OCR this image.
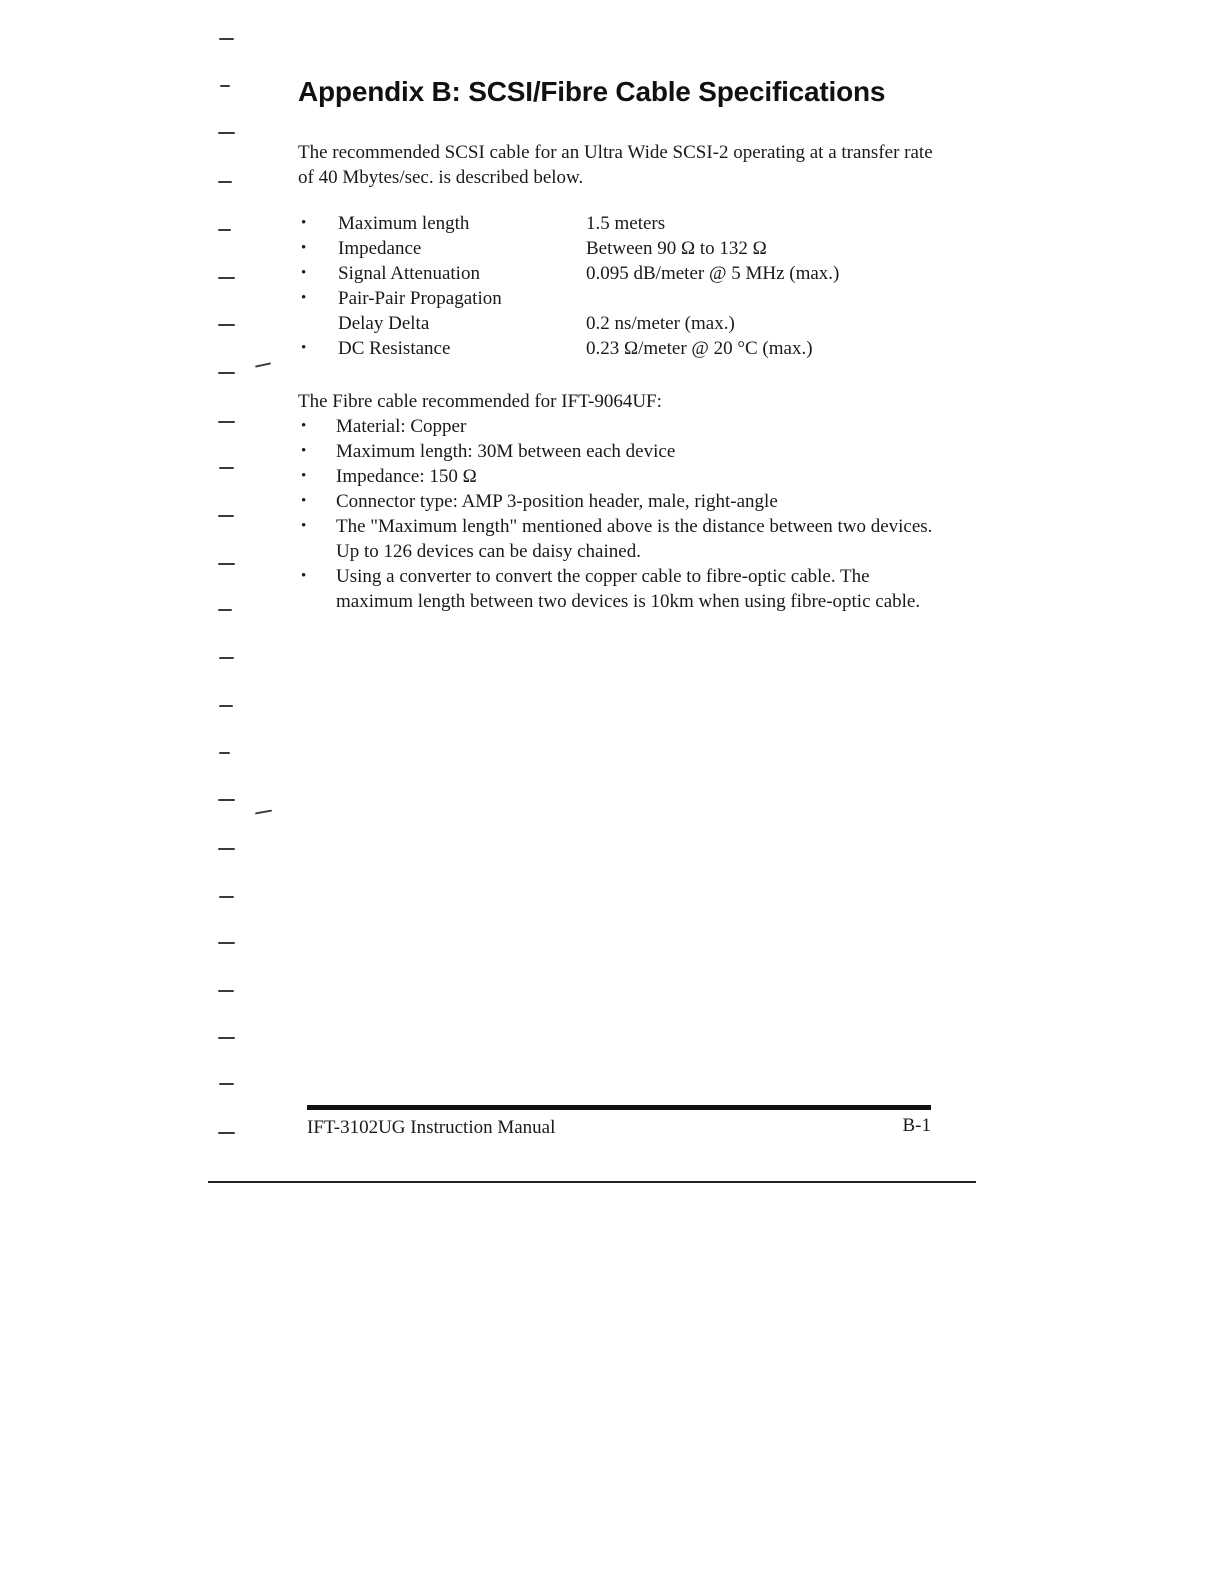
Appendix B: SCSI/Fibre Cable Specifications

The recommended SCSI cable for an Ultra Wide SCSI-2 operating at a transfer rate of 40 Mbytes/sec. is described below.

•	Maximum length	1.5 meters
•	Impedance	Between 90 Ω to 132 Ω
•	Signal Attenuation	0.095 dB/meter @ 5 MHz (max.)
•	Pair-Pair Propagation
Delay Delta	0.2 ns/meter (max.)
•	DC Resistance	0.23 Ω/meter @ 20 °C (max.)

The Fibre cable recommended for IFT-9064UF:

•	Material: Copper
•	Maximum length: 30M between each device
•	Impedance: 150 Ω
•	Connector type: AMP 3-position header, male, right-angle
•	The "Maximum length" mentioned above is the distance between two devices. Up to 126 devices can be daisy chained.
•	Using a converter to convert the copper cable to fibre-optic cable. The maximum length between two devices is 10km when using fibre-optic cable.
IFT-3102UG Instruction Manual	B-1
